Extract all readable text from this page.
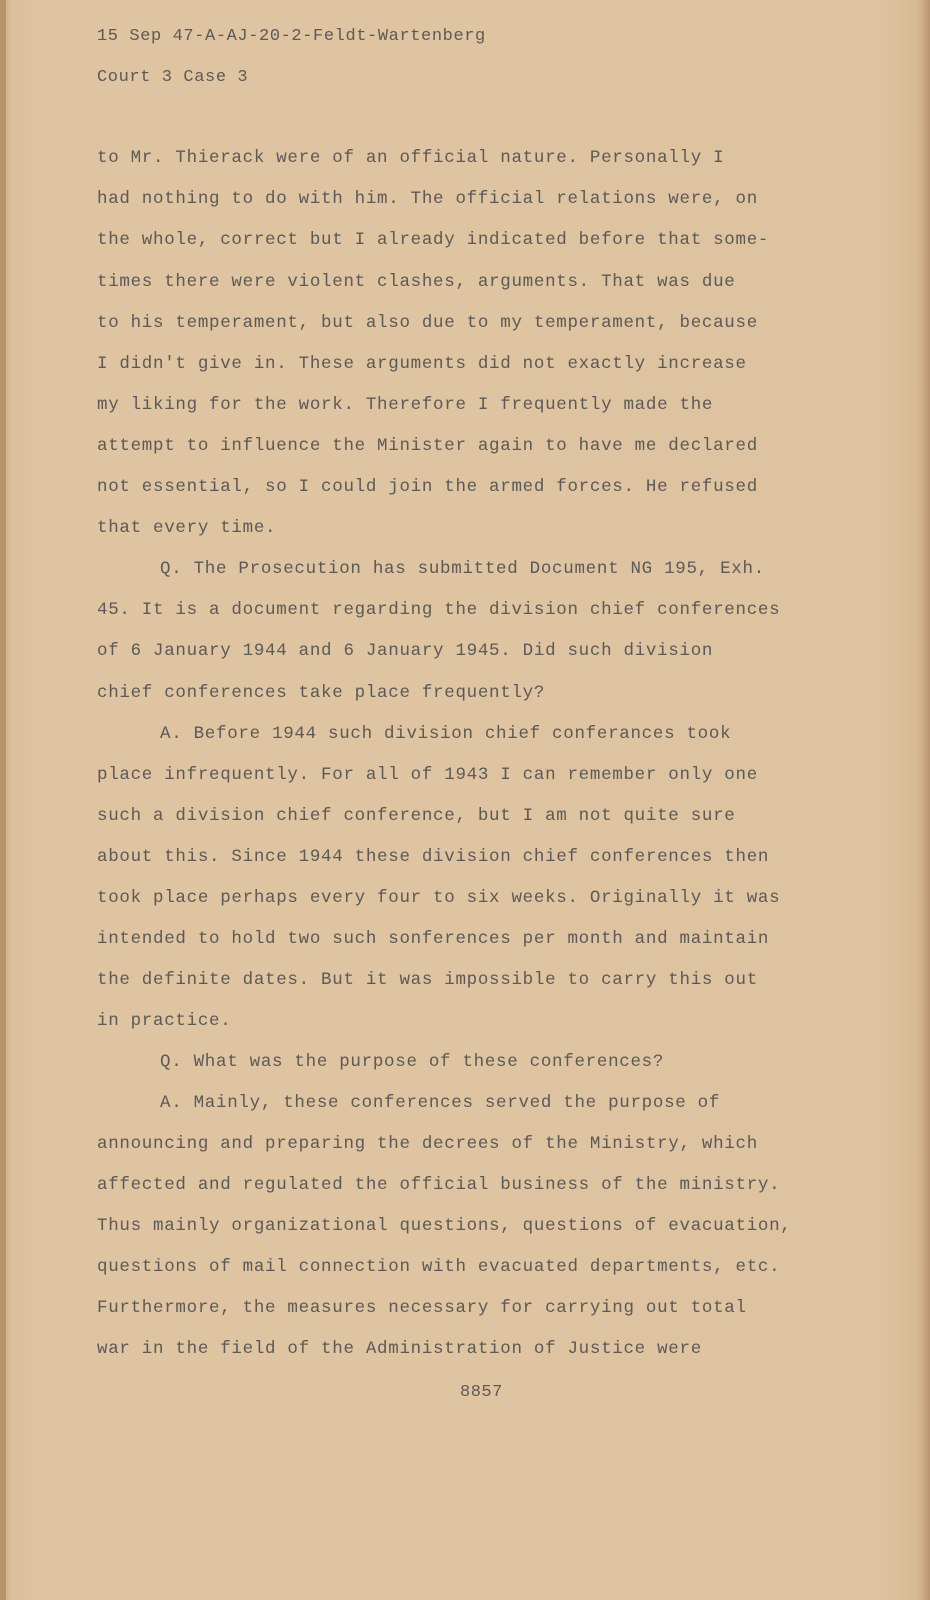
15 Sep 47-A-AJ-20-2-Feldt-Wartenberg
Court 3 Case 3
to Mr. Thierack were of an official nature. Personally I
had nothing to do with him. The official relations were, on
the whole, correct but I already indicated before that some-
times there were violent clashes, arguments. That was due
to his temperament, but also due to my temperament, because
I didn't give in. These arguments did not exactly increase
my liking for the work. Therefore I frequently made the
attempt to influence the Minister again to have me declared
not essential, so I could join the armed forces. He refused
that every time.
Q. The Prosecution has submitted Document NG 195, Exh.
45. It is a document regarding the division chief conferences
of 6 January 1944 and 6 January 1945. Did such division
chief conferences take place frequently?
A. Before 1944 such division chief conferances took
place infrequently. For all of 1943 I can remember only one
such a division chief conference, but I am not quite sure
about this. Since 1944 these division chief conferences then
took place perhaps every four to six weeks. Originally it was
intended to hold two such sonferences per month and maintain
the definite dates. But it was impossible to carry this out
in practice.
Q. What was the purpose of these conferences?
A. Mainly, these conferences served the purpose of
announcing and preparing the decrees of the Ministry, which
affected and regulated the official business of the ministry.
Thus mainly organizational questions, questions of evacuation,
questions of mail connection with evacuated departments, etc.
Furthermore, the measures necessary for carrying out total
war in the field of the Administration of Justice were
8857
